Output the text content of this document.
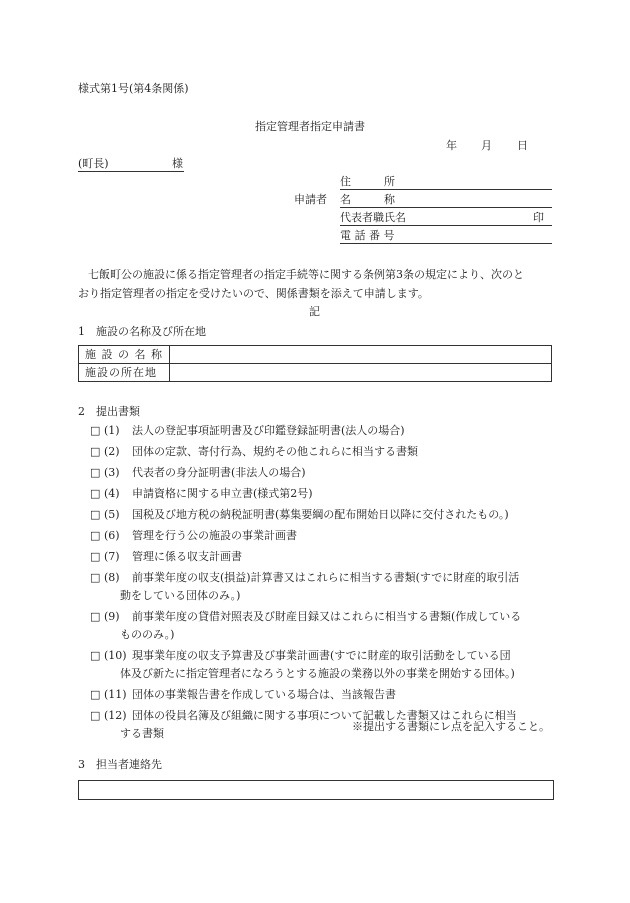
様式第1号(第4条関係)
指定管理者指定申請書
年 月 日
(町長)	様
申請者
住　　　所
名　　　称
代表者職氏名	印
電 話 番 号
七飯町公の施設に係る指定管理者の指定手続等に関する条例第3条の規定により、次のと
おり指定管理者の指定を受けたいので、関係書類を添えて申請します。
記
1　施設の名称及び所在地
施 設 の 名 称	
施設の所在地	
2　提出書類
□ (1)	法人の登記事項証明書及び印鑑登録証明書(法人の場合)
□ (2)	団体の定款、寄付行為、規約その他これらに相当する書類
□ (3)	代表者の身分証明書(非法人の場合)
□ (4)	申請資格に関する申立書(様式第2号)
□ (5)	国税及び地方税の納税証明書(募集要綱の配布開始日以降に交付されたもの。)
□ (6)	管理を行う公の施設の事業計画書
□ (7)	管理に係る収支計画書
□ (8)	前事業年度の収支(損益)計算書又はこれらに相当する書類(すでに財産的取引活
動をしている団体のみ。)
□ (9)	前事業年度の貸借対照表及び財産目録又はこれらに相当する書類(作成している
もののみ。)
□ (10) 現事業年度の収支予算書及び事業計画書(すでに財産的取引活動をしている団
体及び新たに指定管理者になろうとする施設の業務以外の事業を開始する団体。)
□ (11) 団体の事業報告書を作成している場合は、当該報告書
□ (12) 団体の役員名簿及び組織に関する事項について記載した書類又はこれらに相当
する書類
※提出する書類にレ点を記入すること。
3　担当者連絡先
